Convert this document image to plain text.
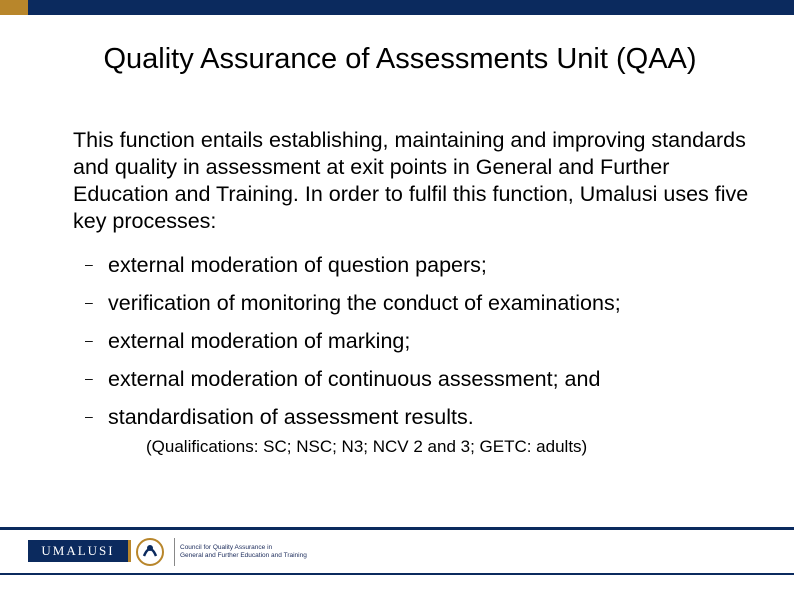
Quality Assurance of Assessments Unit (QAA)
This function entails establishing, maintaining and improving standards and quality in assessment at exit points in General and Further Education and Training. In order to fulfil this function, Umalusi uses five key processes:
– external moderation of question papers;
– verification of monitoring the conduct of examinations;
– external moderation of marking;
– external moderation of continuous assessment; and
– standardisation of assessment results.
(Qualifications: SC; NSC; N3; NCV 2 and 3; GETC: adults)
UMALUSI	Council for Quality Assurance in
General and Further Education and Training
